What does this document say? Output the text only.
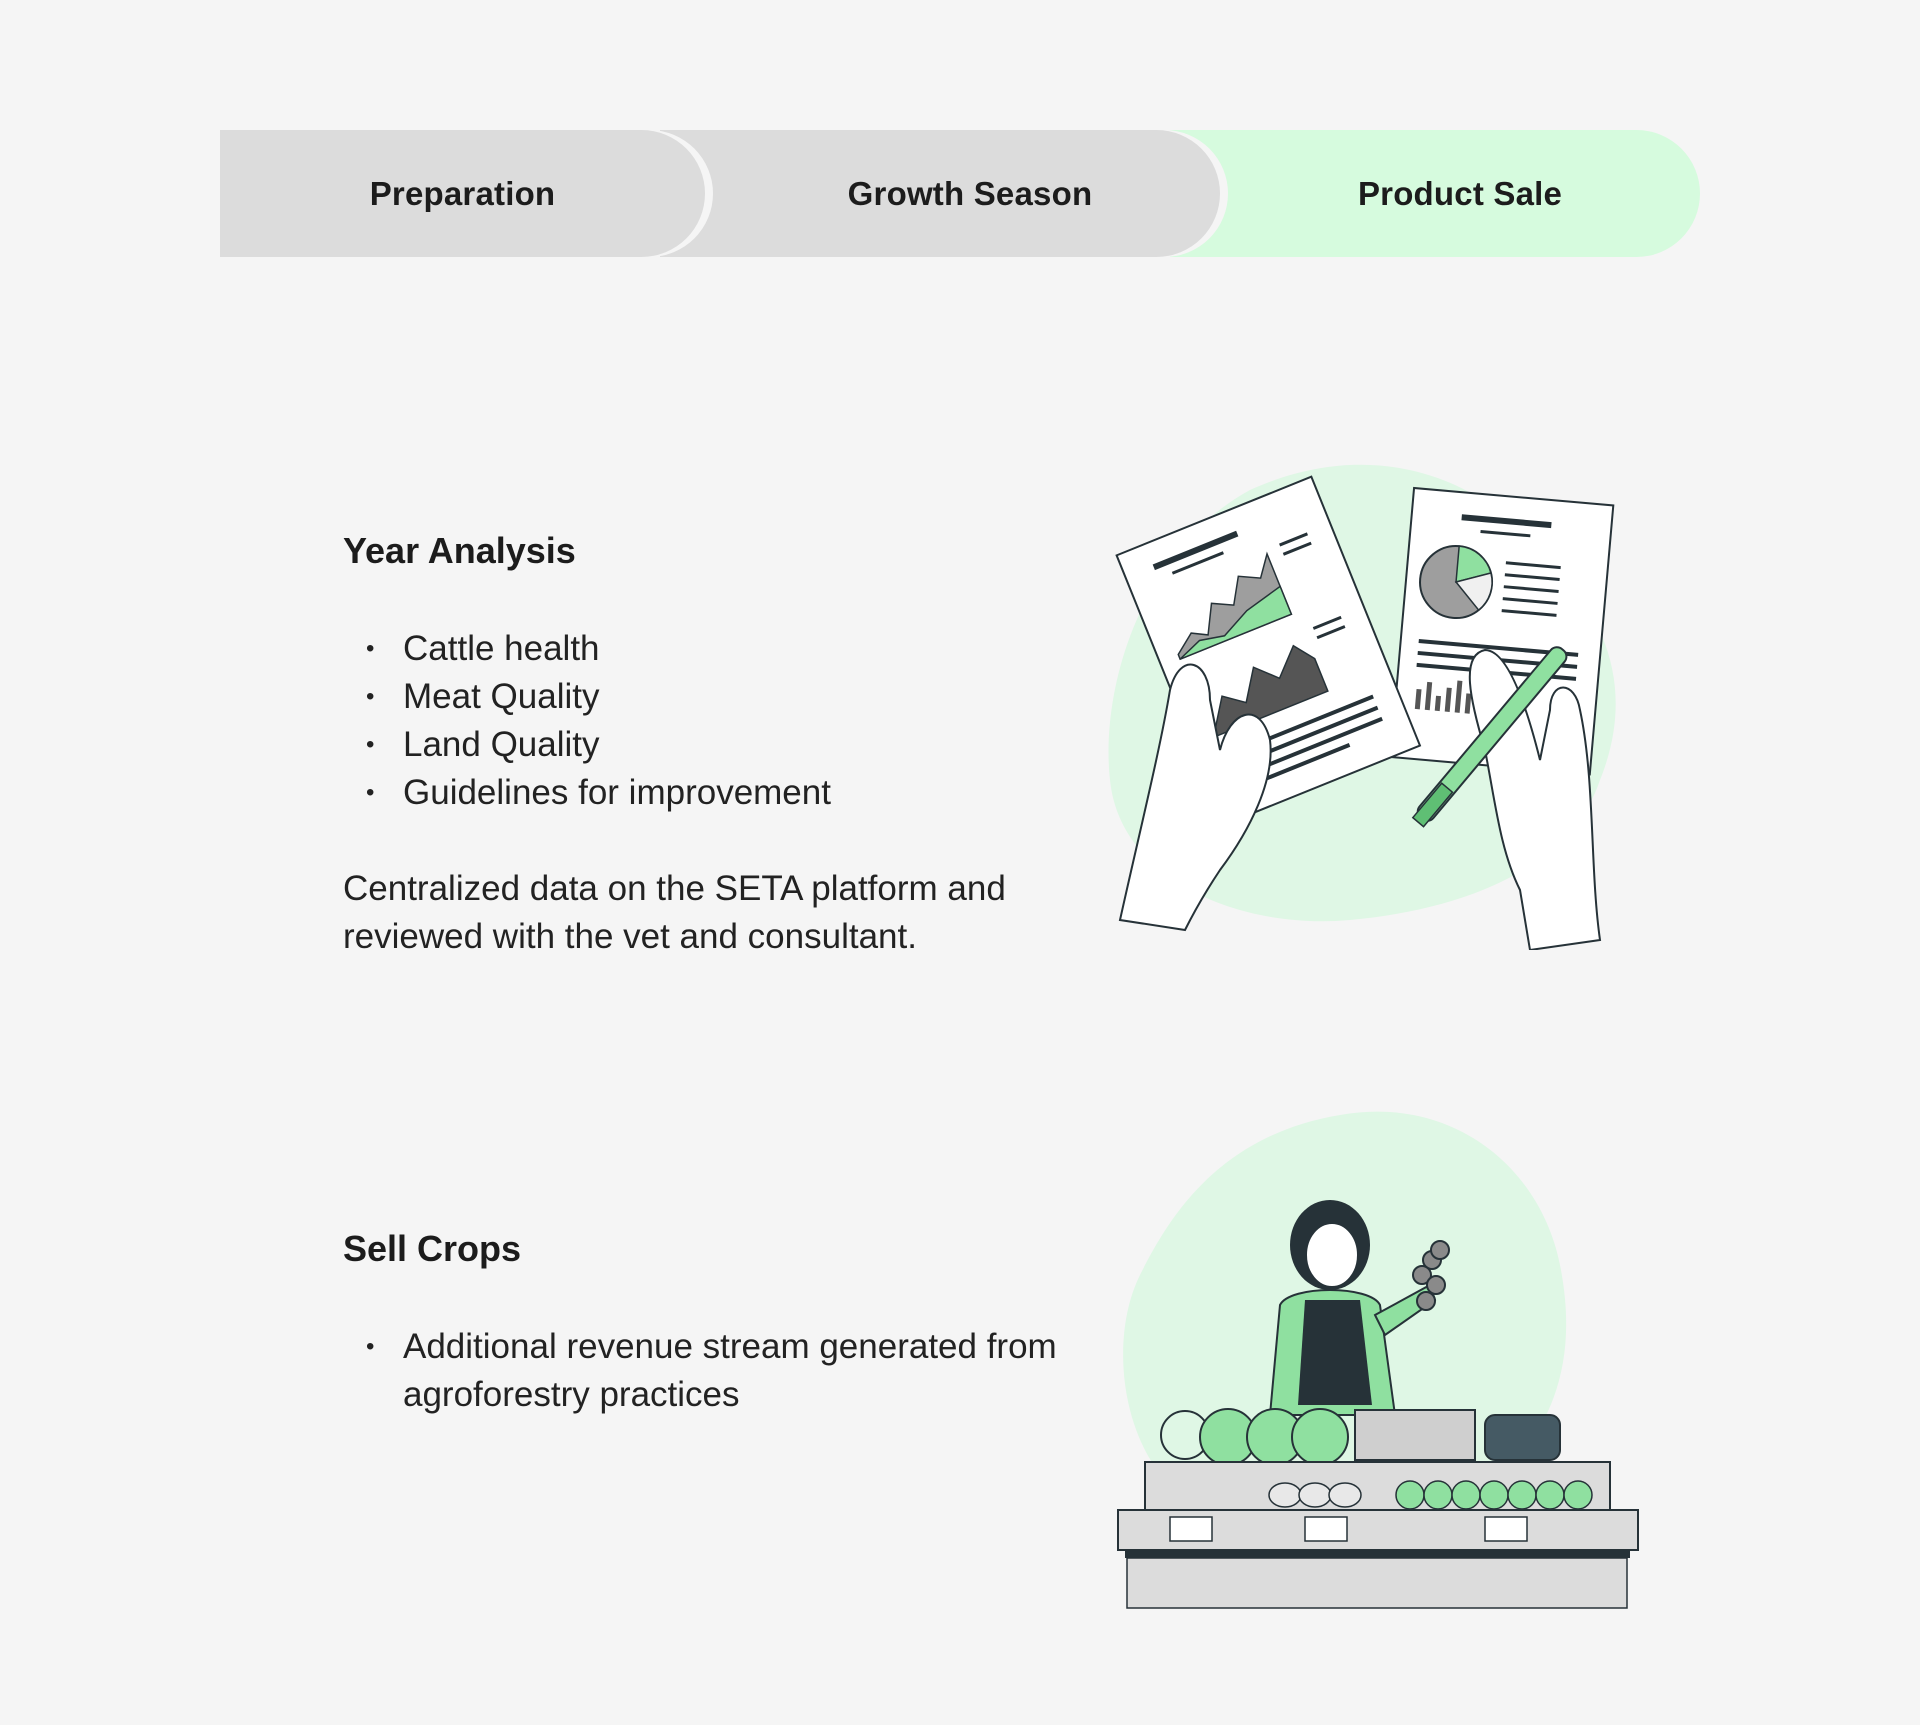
Preparation	Growth Season	Product Sale
Year Analysis
• Cattle health
• Meat Quality
• Land Quality
• Guidelines for improvement

Centralized data on the SETA platform and reviewed with the vet and consultant.

Sell Crops
• Additional revenue stream generated from agroforestry practices
